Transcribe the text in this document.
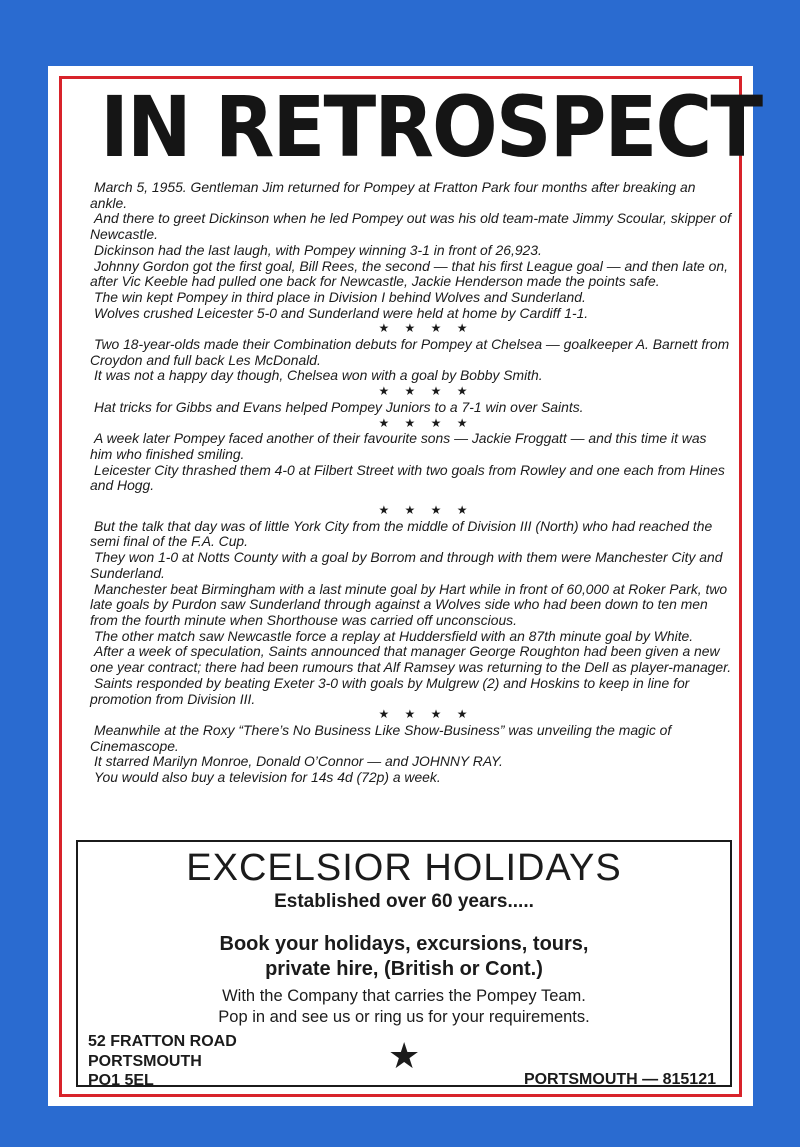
IN RETROSPECT

March 5, 1955. Gentleman Jim returned for Pompey at Fratton Park four months after breaking an ankle.

And there to greet Dickinson when he led Pompey out was his old team-mate Jimmy Scoular, skipper of Newcastle.

Dickinson had the last laugh, with Pompey winning 3-1 in front of 26,923.

Johnny Gordon got the first goal, Bill Rees, the second — that his first League goal — and then late on, after Vic Keeble had pulled one back for Newcastle, Jackie Henderson made the points safe.

The win kept Pompey in third place in Division I behind Wolves and Sunderland.

Wolves crushed Leicester 5-0 and Sunderland were held at home by Cardiff 1-1.

★ ★ ★ ★

Two 18-year-olds made their Combination debuts for Pompey at Chelsea — goalkeeper A. Barnett from Croydon and full back Les McDonald.

It was not a happy day though, Chelsea won with a goal by Bobby Smith.

★ ★ ★ ★

Hat tricks for Gibbs and Evans helped Pompey Juniors to a 7-1 win over Saints.

★ ★ ★ ★

A week later Pompey faced another of their favourite sons — Jackie Froggatt — and this time it was him who finished smiling.

Leicester City thrashed them 4-0 at Filbert Street with two goals from Rowley and one each from Hines and Hogg.

★ ★ ★ ★

But the talk that day was of little York City from the middle of Division III (North) who had reached the semi final of the F.A. Cup.

They won 1-0 at Notts County with a goal by Borrom and through with them were Manchester City and Sunderland.

Manchester beat Birmingham with a last minute goal by Hart while in front of 60,000 at Roker Park, two late goals by Purdon saw Sunderland through against a Wolves side who had been down to ten men from the fourth minute when Shorthouse was carried off unconscious.

The other match saw Newcastle force a replay at Huddersfield with an 87th minute goal by White.

After a week of speculation, Saints announced that manager George Roughton had been given a new one year contract; there had been rumours that Alf Ramsey was returning to the Dell as player-manager.

Saints responded by beating Exeter 3-0 with goals by Mulgrew (2) and Hoskins to keep in line for promotion from Division III.

★ ★ ★ ★

Meanwhile at the Roxy “There’s No Business Like Show-Business” was unveiling the magic of Cinemascope.

It starred Marilyn Monroe, Donald O’Connor — and JOHNNY RAY.

You would also buy a television for 14s 4d (72p) a week.

EXCELSIOR HOLIDAYS
Established over 60 years.....
Book your holidays, excursions, tours,
private hire, (British or Cont.)
With the Company that carries the Pompey Team.
Pop in and see us or ring us for your requirements.
52 FRATTON ROAD
PORTSMOUTH
PO1 5EL
★
PORTSMOUTH — 815121
